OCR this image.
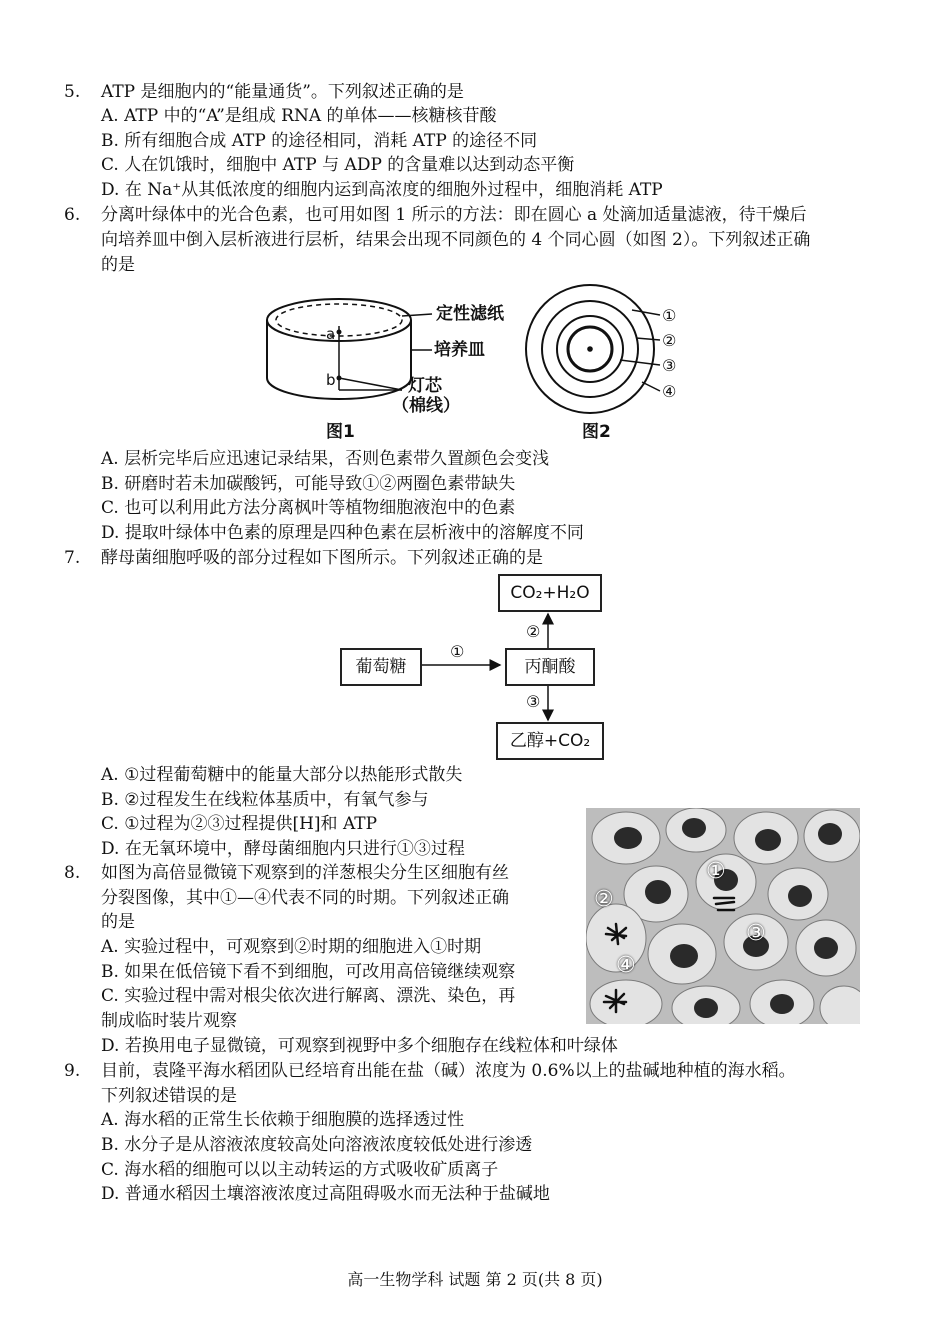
5. ATP 是细胞内的“能量通货”。下列叙述正确的是
A. ATP 中的“A”是组成 RNA 的单体——核糖核苷酸
B. 所有细胞合成 ATP 的途径相同，消耗 ATP 的途径不同
C. 人在饥饿时，细胞中 ATP 与 ADP 的含量难以达到动态平衡
D. 在 Na⁺从其低浓度的细胞内运到高浓度的细胞外过程中，细胞消耗 ATP
6. 分离叶绿体中的光合色素，也可用如图 1 所示的方法：即在圆心 a 处滴加适量滤液，待干燥后
向培养皿中倒入层析液进行层析，结果会出现不同颜色的 4 个同心圆（如图 2）。下列叙述正确
的是
a
b
定性滤纸
培养皿
灯芯
（棉线）
图1
①
②
③
④
图2
A. 层析完毕后应迅速记录结果，否则色素带久置颜色会变浅
B. 研磨时若未加碳酸钙，可能导致①②两圈色素带缺失
C. 也可以利用此方法分离枫叶等植物细胞液泡中的色素
D. 提取叶绿体中色素的原理是四种色素在层析液中的溶解度不同
7. 酵母菌细胞呼吸的部分过程如下图所示。下列叙述正确的是
葡萄糖	丙酮酸
CO₂+H₂O
乙醇+CO₂
①
②
③
A. ①过程葡萄糖中的能量大部分以热能形式散失
B. ②过程发生在线粒体基质中，有氧气参与
C. ①过程为②③过程提供[H]和 ATP
D. 在无氧环境中，酵母菌细胞内只进行①③过程
①
②
③
④
8. 如图为高倍显微镜下观察到的洋葱根尖分生区细胞有丝
分裂图像，其中①—④代表不同的时期。下列叙述正确
的是
A. 实验过程中，可观察到②时期的细胞进入①时期
B. 如果在低倍镜下看不到细胞，可改用高倍镜继续观察
C. 实验过程中需对根尖依次进行解离、漂洗、染色，再
制成临时装片观察
D. 若换用电子显微镜，可观察到视野中多个细胞存在线粒体和叶绿体
9. 目前，袁隆平海水稻团队已经培育出能在盐（碱）浓度为 0.6%以上的盐碱地种植的海水稻。
下列叙述错误的是
A. 海水稻的正常生长依赖于细胞膜的选择透过性
B. 水分子是从溶液浓度较高处向溶液浓度较低处进行渗透
C. 海水稻的细胞可以以主动转运的方式吸收矿质离子
D. 普通水稻因土壤溶液浓度过高阻碍吸水而无法种于盐碱地
高一生物学科 试题 第 2 页(共 8 页)
